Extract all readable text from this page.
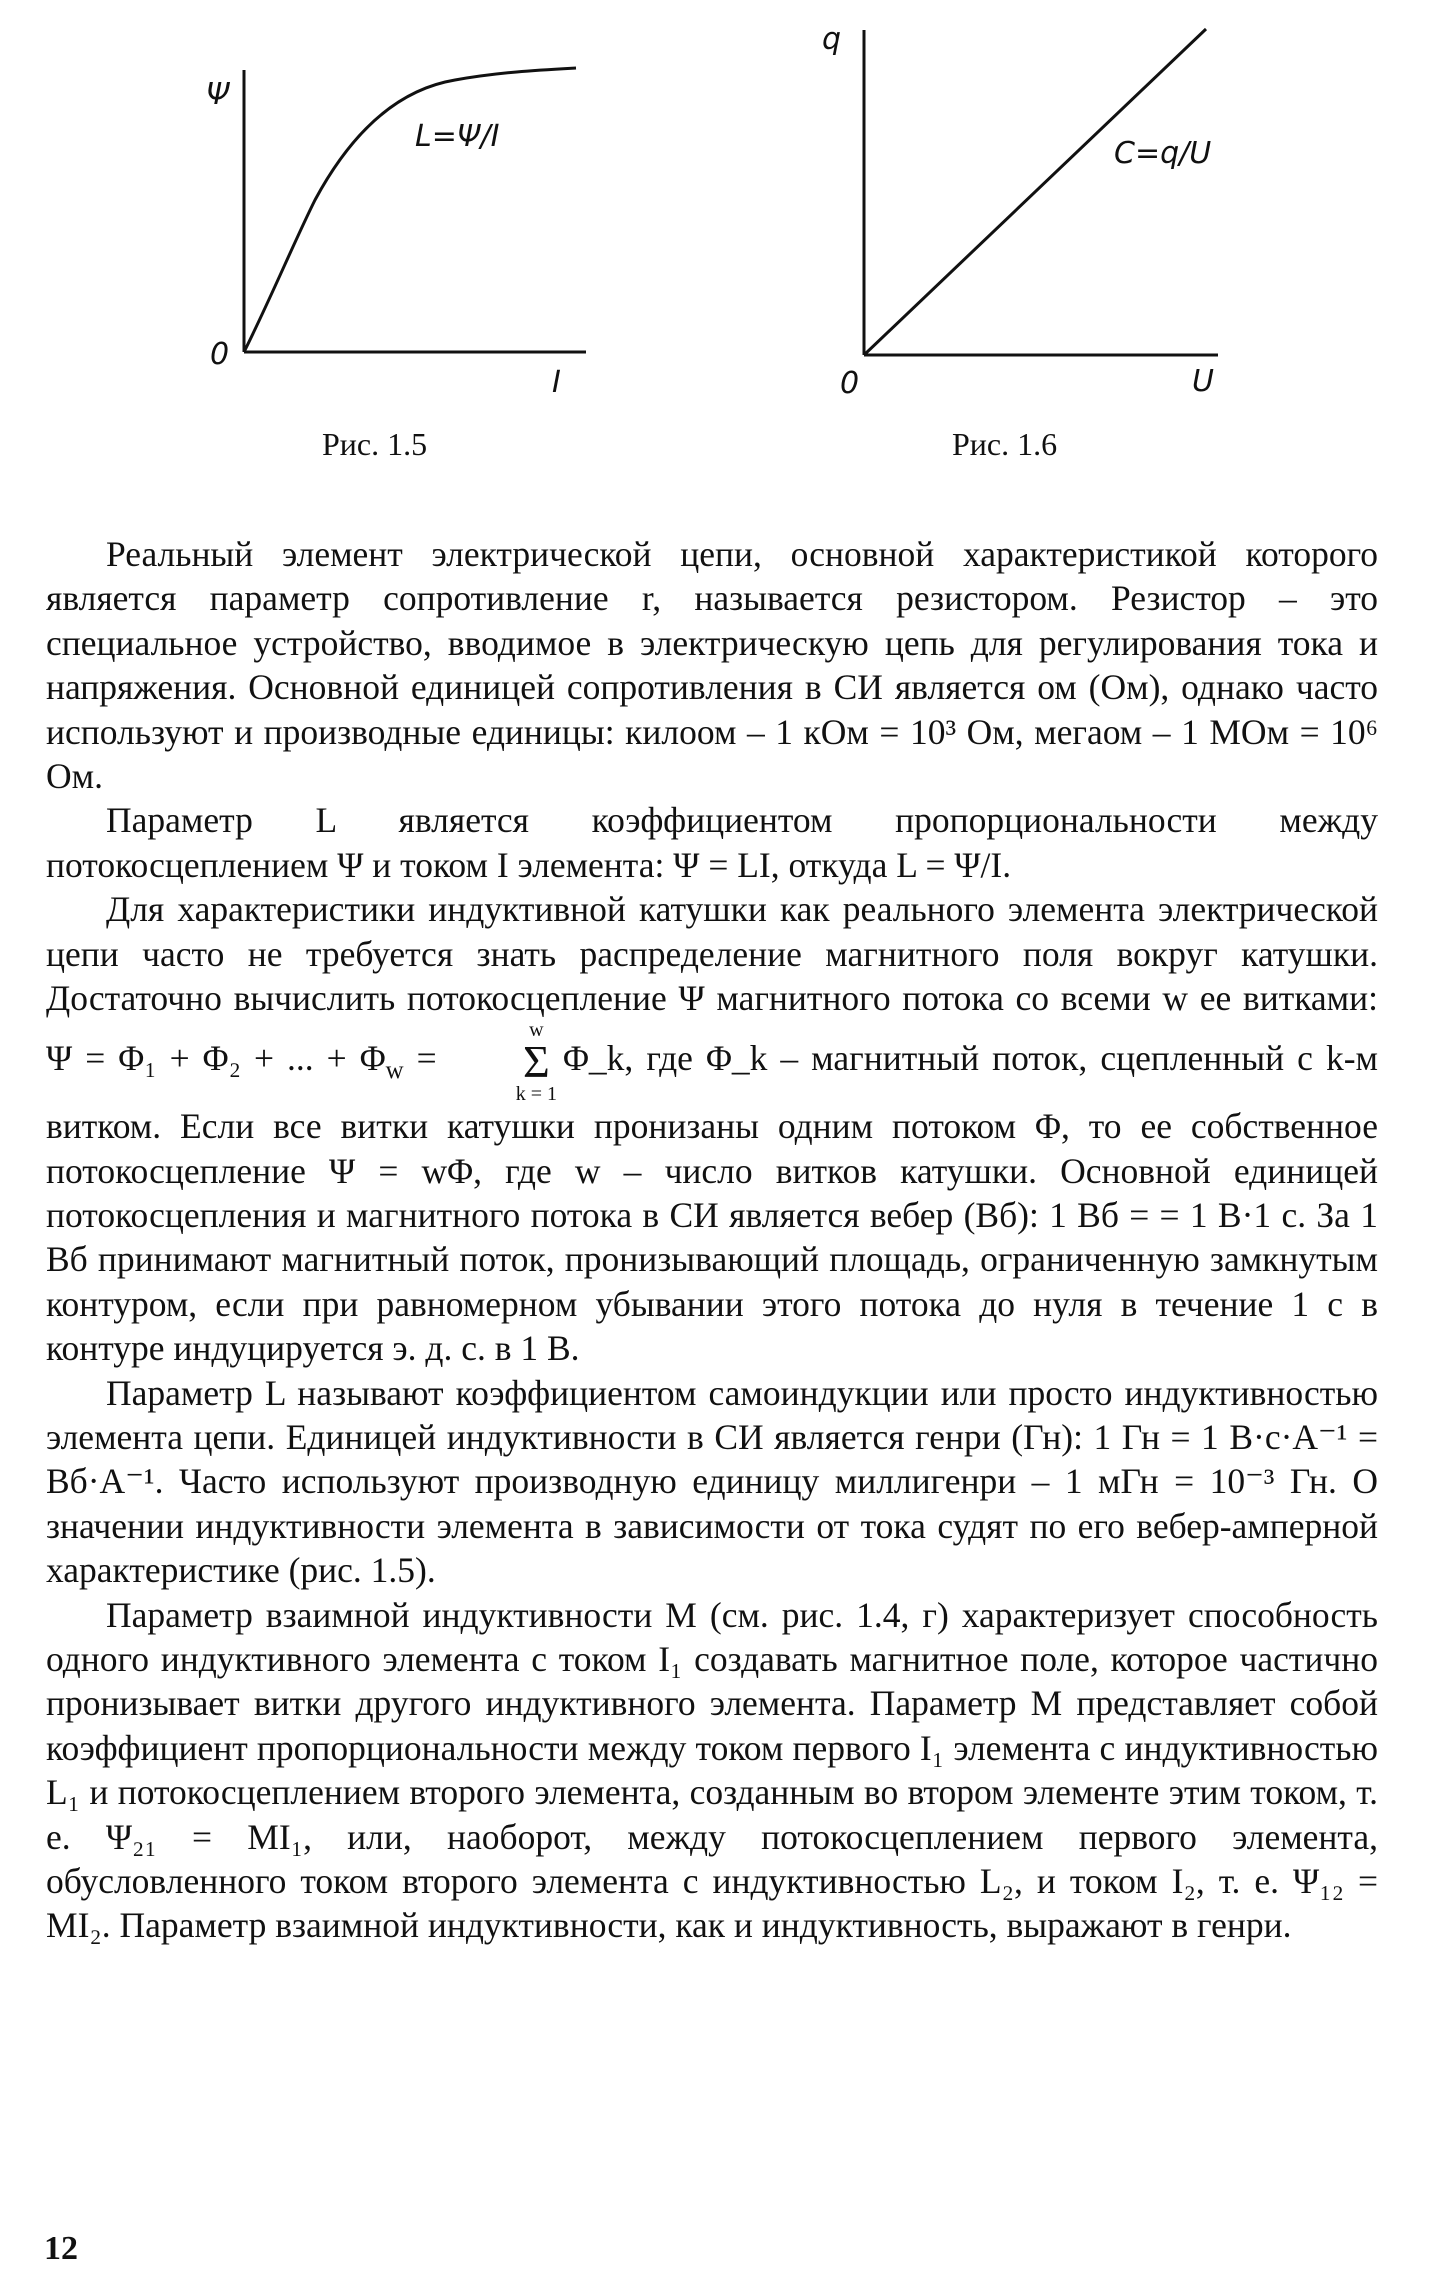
Ψ
L=Ψ/I
0
I
Рис. 1.5
q
C=q/U
0	U
Рис. 1.6

Реальный элемент электрической цепи, основной характеристикой которого является параметр сопротивление r, называется резистором. Резистор – это специальное устройство, вводимое в электрическую цепь для регулирования тока и напряжения. Основной единицей сопротивления в СИ является ом (Ом), однако часто используют и производные единицы: килоом – 1 кОм = 10³ Ом, мегаом – 1 МОм = 10⁶ Ом.

Параметр L является коэффициентом пропорциональности между потокосцеплением Ψ и током I элемента: Ψ = LI, откуда L = Ψ/I.

Для характеристики индуктивной катушки как реального элемента электрической цепи часто не требуется знать распределение магнитного поля вокруг катушки. Достаточно вычислить потокосцепление Ψ магнитного потока со всеми w ее витками: Ψ = Φ₁ + Φ₂ + ... + $\Phi_w$ =
w
Σ
k = 1
Φ_k, где Φ_k – магнитный поток, сцепленный с k-м витком. Если все витки катушки пронизаны одним потоком Φ, то ее собственное потокосцепление Ψ = wΦ, где w – число витков катушки. Основной единицей потокосцепления и магнитного потока в СИ является вебер (Вб): 1 Вб = = 1 В·1 с. За 1 Вб принимают магнитный поток, пронизывающий площадь, ограниченную замкнутым контуром, если при равномерном убывании этого потока до нуля в течение 1 с в контуре индуцируется э. д. с. в 1 В.

Параметр L называют коэффициентом самоиндукции или просто индуктивностью элемента цепи. Единицей индуктивности в СИ является генри (Гн): 1 Гн = 1 В·с·А⁻¹ = Вб·А⁻¹. Часто используют производную единицу миллигенри – 1 мГн = 10⁻³ Гн. О значении индуктивности элемента в зависимости от тока судят по его вебер-амперной характеристике (рис. 1.5).

Параметр взаимной индуктивности M (см. рис. 1.4, г) характеризует способность одного индуктивного элемента с током I₁ создавать магнитное поле, которое частично пронизывает витки другого индуктивного элемента. Параметр M представляет собой коэффициент пропорциональности между током первого I₁ элемента с индуктивностью L₁ и потокосцеплением второго элемента, созданным во втором элементе этим током, т. е. Ψ₂₁ = MI₁, или, наоборот, между потокосцеплением первого элемента, обусловленного током второго элемента с индуктивностью L₂, и током I₂, т. е. Ψ₁₂ = MI₂. Параметр взаимной индуктивности, как и индуктивность, выражают в генри.

12
